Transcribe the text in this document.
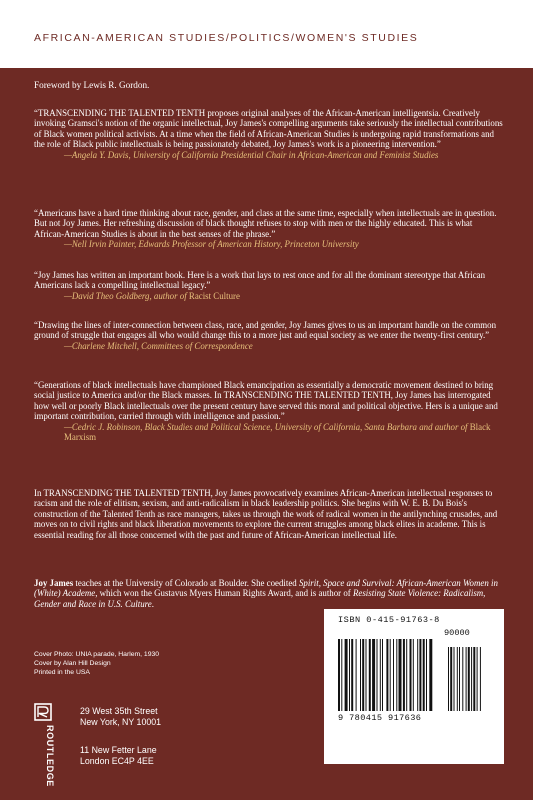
AFRICAN-AMERICAN STUDIES/POLITICS/WOMEN'S STUDIES
Foreword by Lewis R. Gordon.

“TRANSCENDING THE TALENTED TENTH proposes original analyses of the African-American intelligentsia. Creatively invoking Gramsci's notion of the organic intellectual, Joy James's compelling arguments take seriously the intellectual contributions of Black women political activists. At a time when the field of African-American Studies is undergoing rapid transformations and the role of Black public intellectuals is being passionately debated, Joy James's work is a pioneering intervention.”

—Angela Y. Davis, University of California Presidential Chair in African-American and Feminist Studies

“Americans have a hard time thinking about race, gender, and class at the same time, especially when intellectuals are in question. But not Joy James. Her refreshing discussion of black thought refuses to stop with men or the highly educated. This is what African-American Studies is about in the best senses of the phrase.”

—Nell Irvin Painter, Edwards Professor of American History, Princeton University

“Joy James has written an important book. Here is a work that lays to rest once and for all the dominant stereotype that African Americans lack a compelling intellectual legacy.”

—David Theo Goldberg, author of Racist Culture

“Drawing the lines of inter-connection between class, race, and gender, Joy James gives to us an important handle on the common ground of struggle that engages all who would change this to a more just and equal society as we enter the twenty-first century.”

—Charlene Mitchell, Committees of Correspondence

“Generations of black intellectuals have championed Black emancipation as essentially a democratic movement destined to bring social justice to America and/or the Black masses. In TRANSCENDING THE TALENTED TENTH, Joy James has interrogated how well or poorly Black intellectuals over the present century have served this moral and political objective. Hers is a unique and important contribution, carried through with intelligence and passion.”

—Cedric J. Robinson, Black Studies and Political Science, University of California, Santa Barbara and author of Black Marxism

In TRANSCENDING THE TALENTED TENTH, Joy James provocatively examines African-American intellectual responses to racism and the role of elitism, sexism, and anti-radicalism in black leadership politics. She begins with W. E. B. Du Bois's construction of the Talented Tenth as race managers, takes us through the work of radical women in the antilynching crusades, and moves on to civil rights and black liberation movements to explore the current struggles among black elites in academe. This is essential reading for all those concerned with the past and future of African-American intellectual life.

Joy James teaches at the University of Colorado at Boulder. She coedited Spirit, Space and Survival: African-American Women in (White) Academe, which won the Gustavus Myers Human Rights Award, and is author of Resisting State Violence: Radicalism, Gender and Race in U.S. Culture.
Cover Photo: UNIA parade, Harlem, 1930
Cover by Alan Hill Design
Printed in the USA
ROUTLEDGE
29 West 35th Street
New York, NY 10001
11 New Fetter Lane
London EC4P 4EE
ISBN 0-415-91763-8
90000
9 780415 917636
